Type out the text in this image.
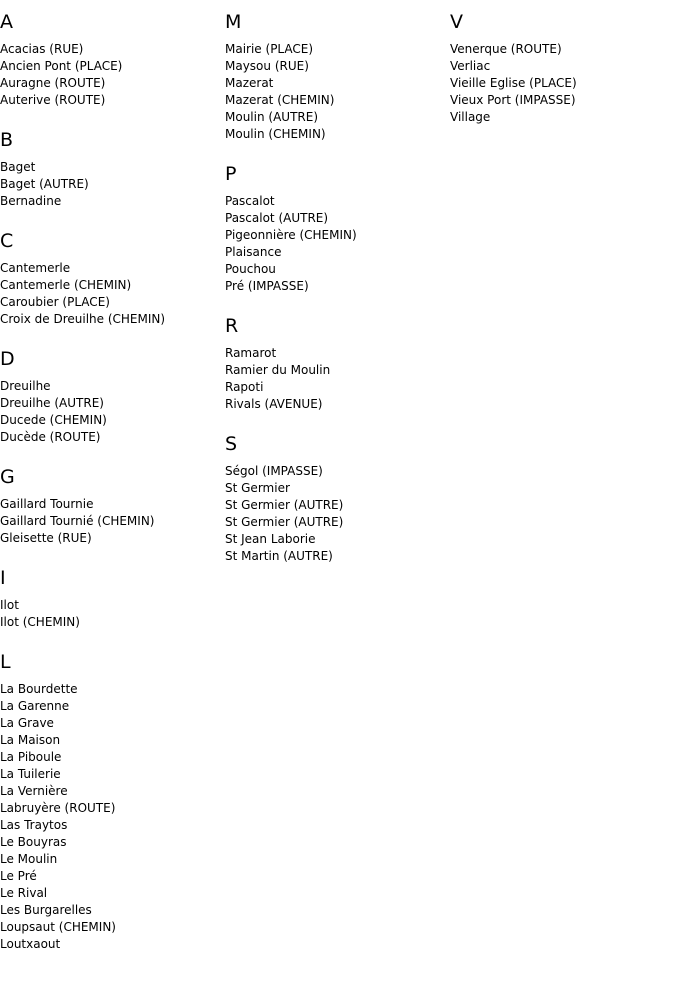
A
Acacias (RUE)
Ancien Pont (PLACE)
Auragne (ROUTE)
Auterive (ROUTE)
B
Baget
Baget (AUTRE)
Bernadine
C
Cantemerle
Cantemerle (CHEMIN)
Caroubier (PLACE)
Croix de Dreuilhe (CHEMIN)
D
Dreuilhe
Dreuilhe (AUTRE)
Ducede (CHEMIN)
Ducède (ROUTE)
G
Gaillard Tournie
Gaillard Tournié (CHEMIN)
Gleisette (RUE)
I
Ilot
Ilot (CHEMIN)
L
La Bourdette
La Garenne
La Grave
La Maison
La Piboule
La Tuilerie
La Vernière
Labruyère (ROUTE)
Las Traytos
Le Bouyras
Le Moulin
Le Pré
Le Rival
Les Burgarelles
Loupsaut (CHEMIN)
Loutxaout
M
Mairie (PLACE)
Maysou (RUE)
Mazerat
Mazerat (CHEMIN)
Moulin (AUTRE)
Moulin (CHEMIN)
P
Pascalot
Pascalot (AUTRE)
Pigeonnière (CHEMIN)
Plaisance
Pouchou
Pré (IMPASSE)
R
Ramarot
Ramier du Moulin
Rapoti
Rivals (AVENUE)
S
Ségol (IMPASSE)
St Germier
St Germier (AUTRE)
St Germier (AUTRE)
St Jean Laborie
St Martin (AUTRE)
V
Venerque (ROUTE)
Verliac
Vieille Eglise (PLACE)
Vieux Port (IMPASSE)
Village
